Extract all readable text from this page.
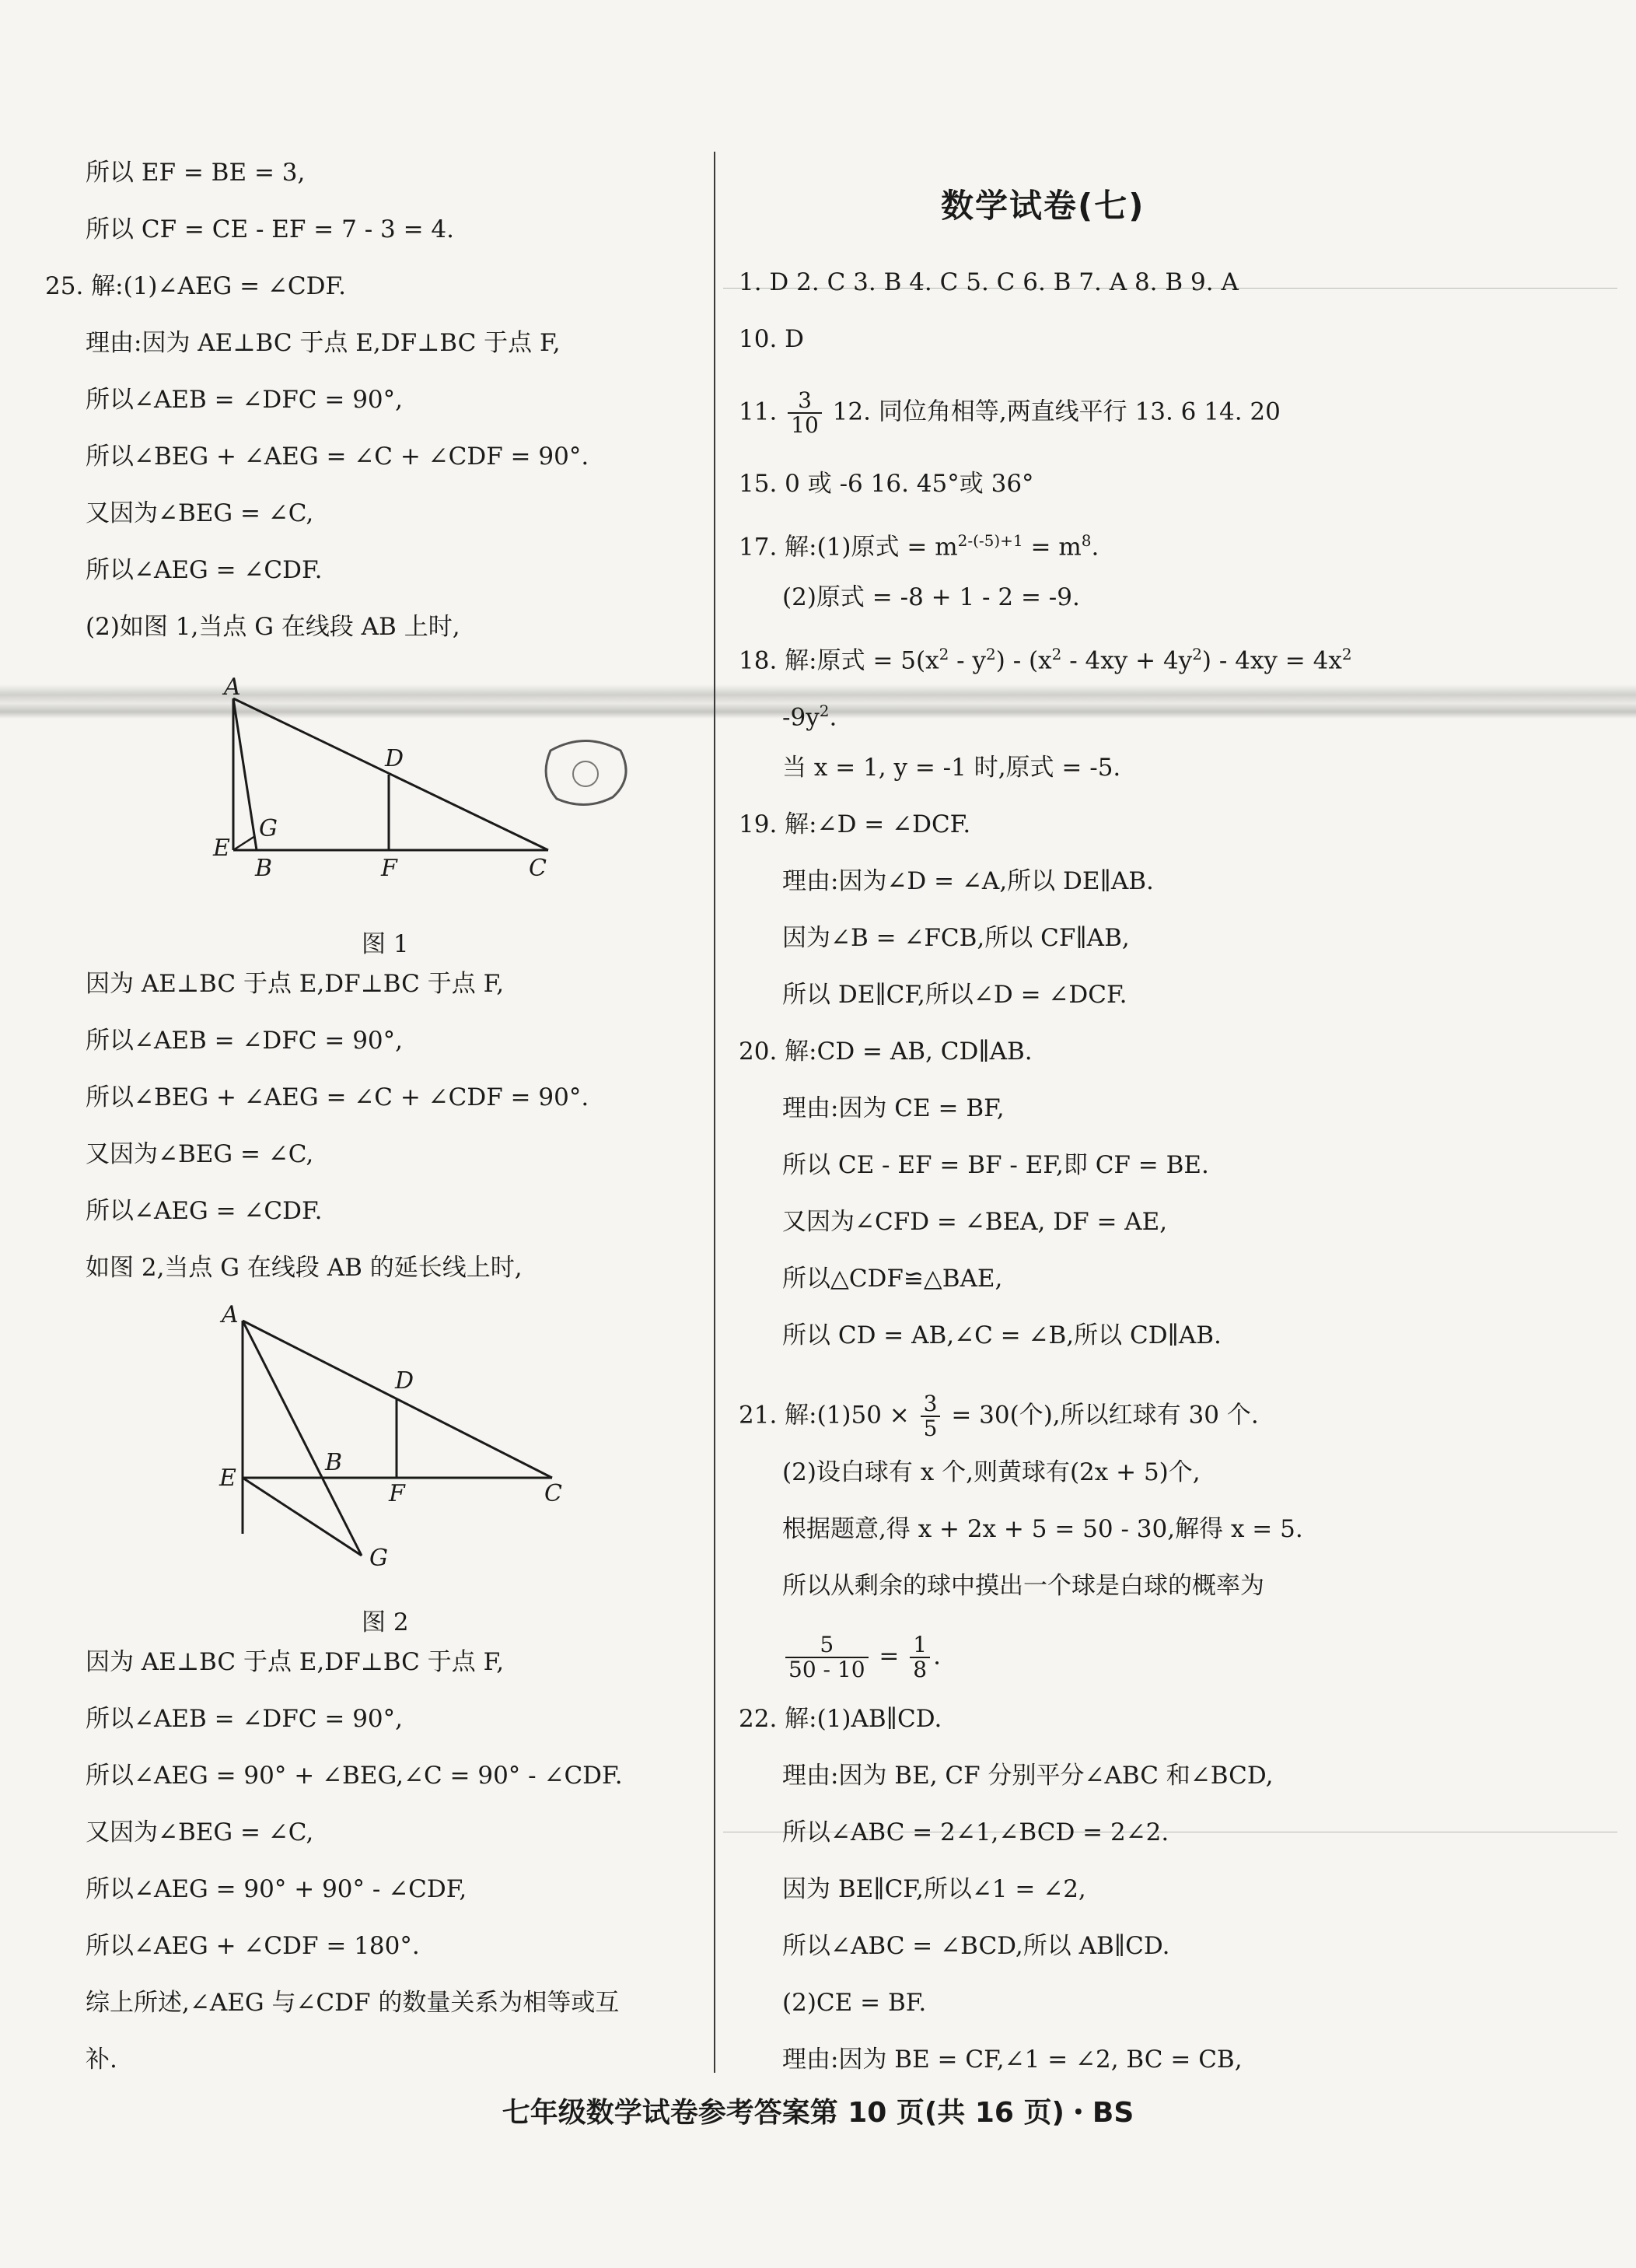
所以 EF = BE = 3,
所以 CF = CE - EF = 7 - 3 = 4.
25. 解:(1)∠AEG = ∠CDF.
理由:因为 AE⊥BC 于点 E,DF⊥BC 于点 F,
所以∠AEB = ∠DFC = 90°,
所以∠BEG + ∠AEG = ∠C + ∠CDF = 90°.
又因为∠BEG = ∠C,
所以∠AEG = ∠CDF.
(2)如图 1,当点 G 在线段 AB 上时,
A
D
G
E
B	F	C
图 1
因为 AE⊥BC 于点 E,DF⊥BC 于点 F,
所以∠AEB = ∠DFC = 90°,
所以∠BEG + ∠AEG = ∠C + ∠CDF = 90°.
又因为∠BEG = ∠C,
所以∠AEG = ∠CDF.
如图 2,当点 G 在线段 AB 的延长线上时,
A
D
B
E
F	C
G
图 2
因为 AE⊥BC 于点 E,DF⊥BC 于点 F,
所以∠AEB = ∠DFC = 90°,
所以∠AEG = 90° + ∠BEG,∠C = 90° - ∠CDF.
又因为∠BEG = ∠C,
所以∠AEG = 90° + 90° - ∠CDF,
所以∠AEG + ∠CDF = 180°.
综上所述,∠AEG 与∠CDF 的数量关系为相等或互
补.
数学试卷(七)
1. D 2. C 3. B 4. C 5. C 6. B 7. A 8. B 9. A
10. D
11. $\frac{3}{10} 12$. 同位角相等,两直线平行 13. 6 14. 20
15. 0 或 -6 16. 45°或 36°
17. 解:(1)原式 = $m^{2-(-5)+1} = m^8$.
(2)原式 = -8 + 1 - 2 = -9.
18. 解:原式 = $5(x^2 - y^2) - (x^2 - 4xy + 4y^2) - 4xy = 4x^2$
$-9y^2$.
当 x = 1, y = -1 时,原式 = -5.
19. 解:∠D = ∠DCF.
理由:因为∠D = ∠A,所以 DE∥AB.
因为∠B = ∠FCB,所以 CF∥AB,
所以 DE∥CF,所以∠D = ∠DCF.
20. 解:CD = AB, CD∥AB.
理由:因为 CE = BF,
所以 CE - EF = BF - EF,即 CF = BE.
又因为∠CFD = ∠BEA, DF = AE,
所以△CDF≌△BAE,
所以 CD = AB,∠C = ∠B,所以 CD∥AB.
21. 解:(1)50 × $\frac{3}{5} = 30$(个),所以红球有 30 个.
(2)设白球有 x 个,则黄球有(2x + 5)个,
根据题意,得 x + 2x + 5 = 50 - 30,解得 x = 5.
所以从剩余的球中摸出一个球是白球的概率为
$\frac{5}{50 - 10} = \frac{1}{8}$ .
22. 解:(1)AB∥CD.
理由:因为 BE, CF 分别平分∠ABC 和∠BCD,
所以∠ABC = 2∠1,∠BCD = 2∠2.
因为 BE∥CF,所以∠1 = ∠2,
所以∠ABC = ∠BCD,所以 AB∥CD.
(2)CE = BF.
理由:因为 BE = CF,∠1 = ∠2, BC = CB,
七年级数学试卷参考答案第 10 页(共 16 页)・BS
